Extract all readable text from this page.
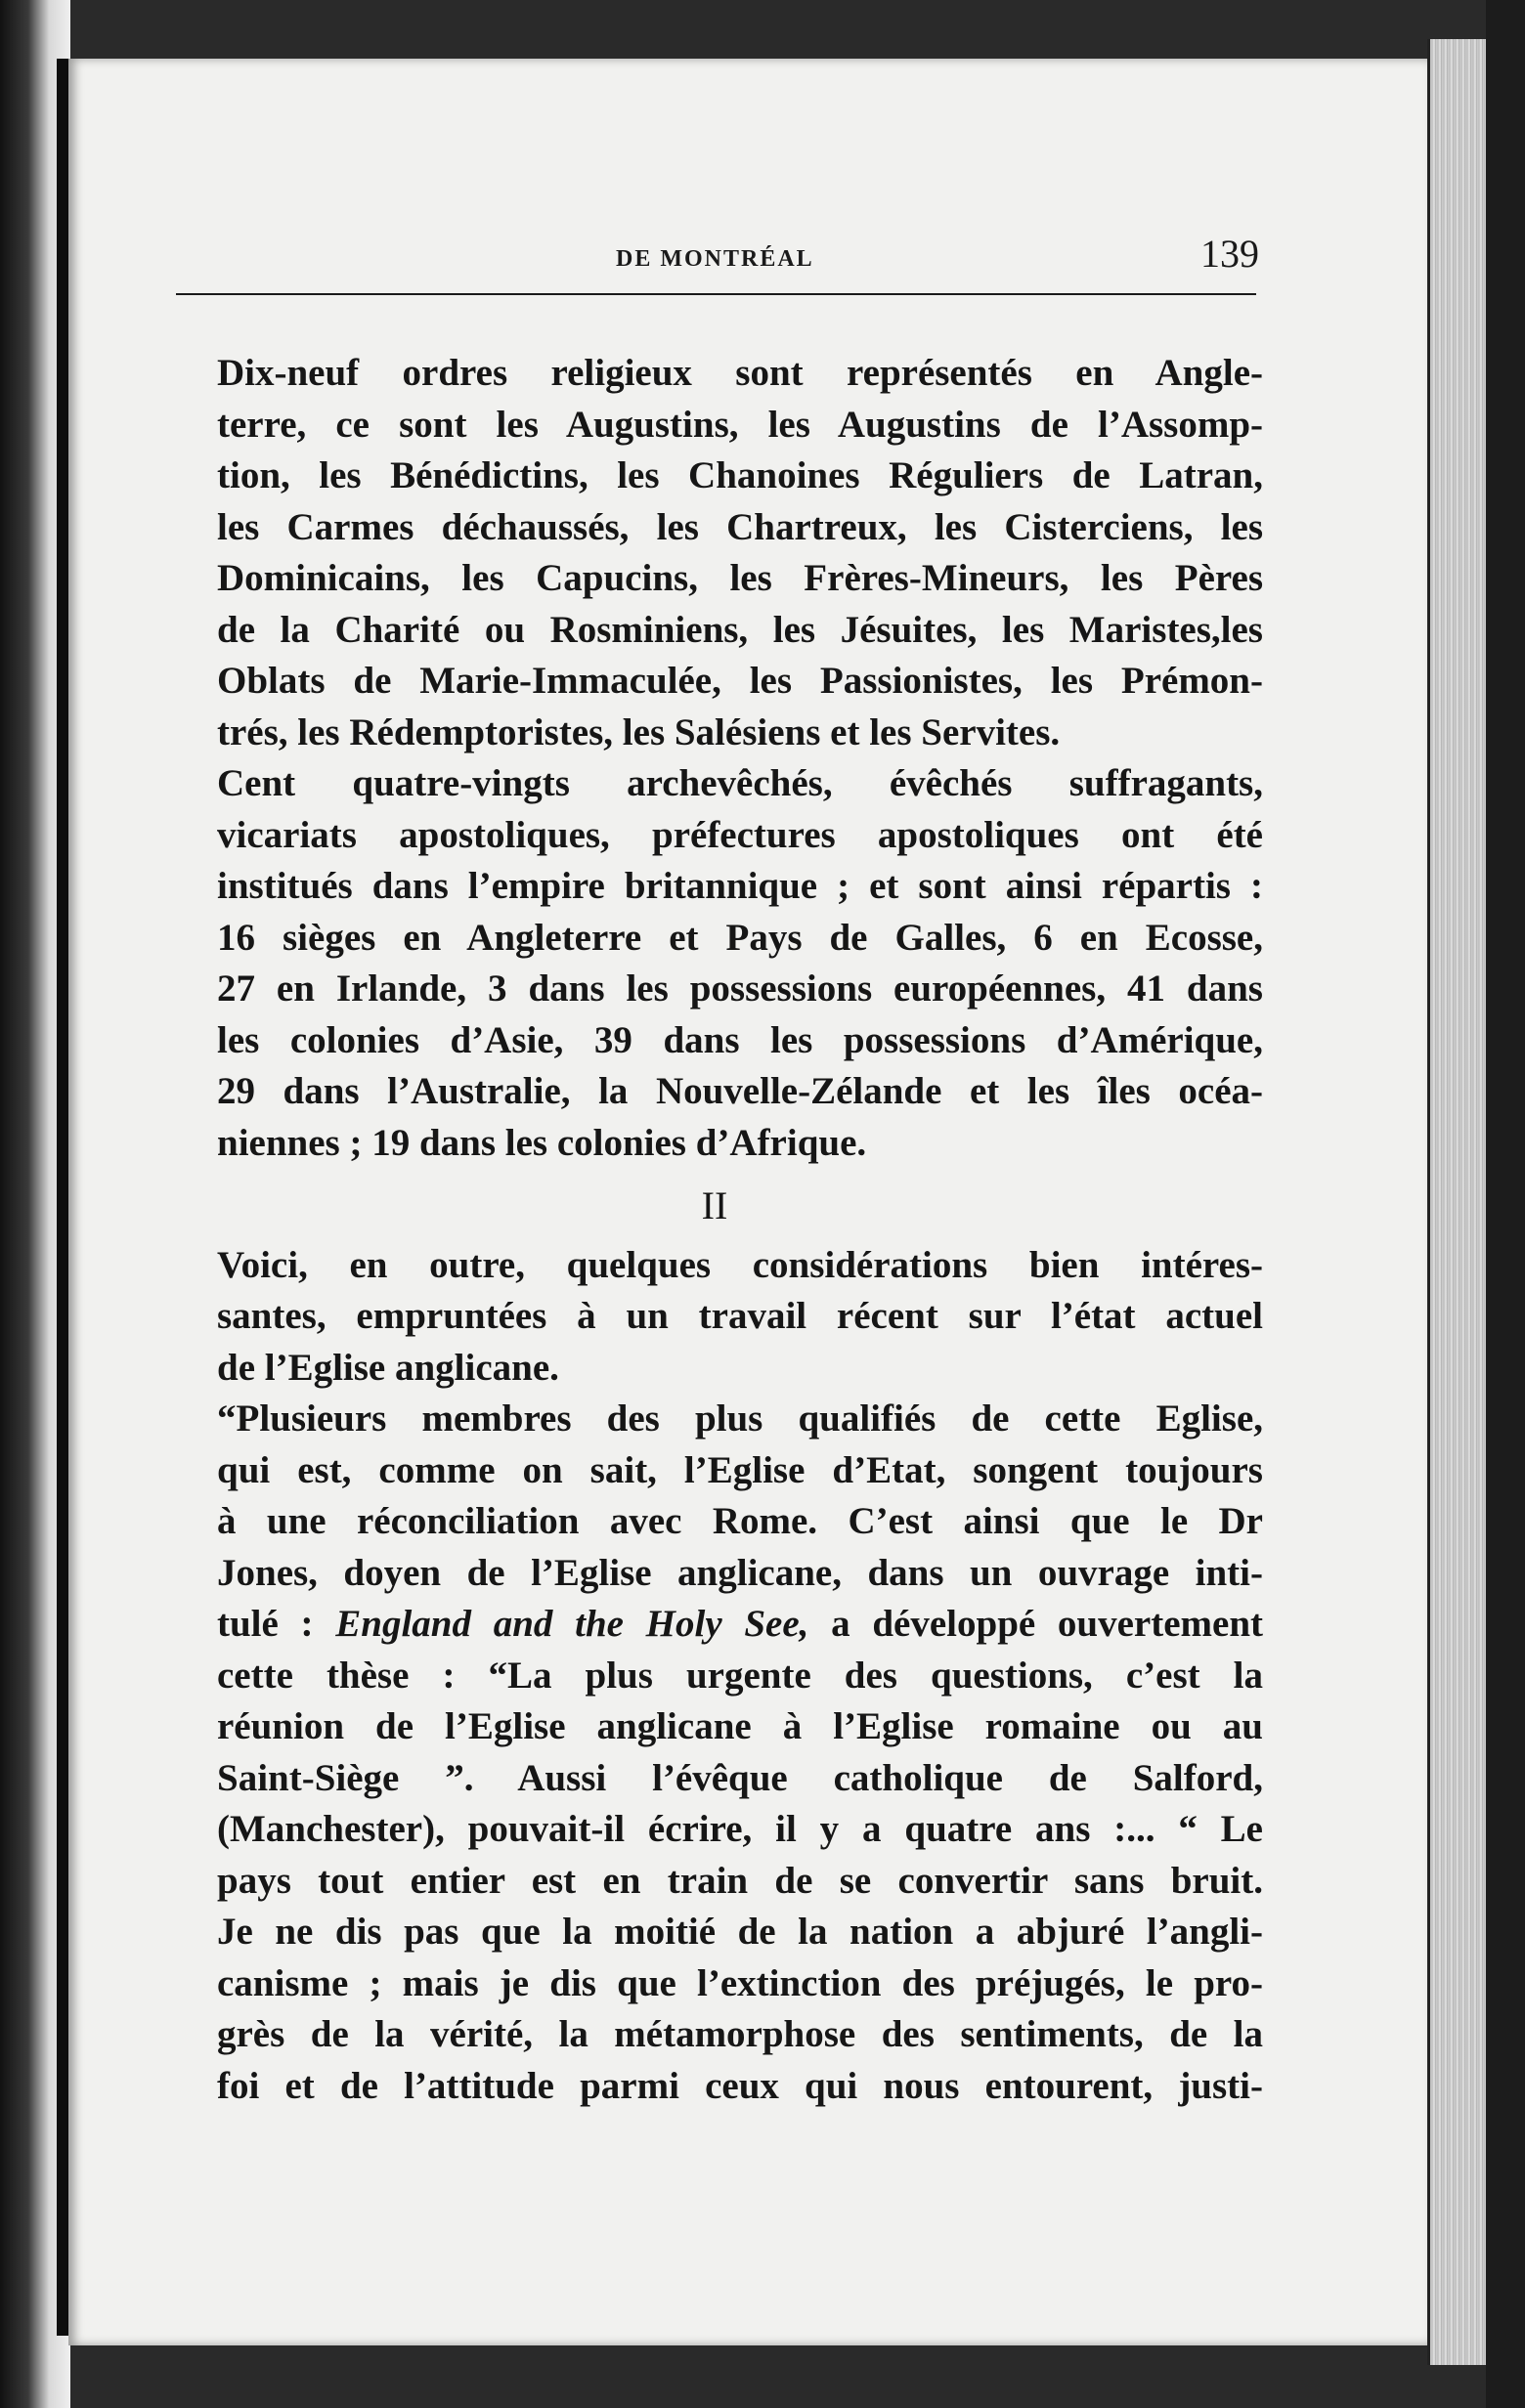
DE MONTRÉAL	139

Dix-neuf ordres religieux sont représentés en Angle-
terre, ce sont les Augustins, les Augustins de l’Assomp-
tion, les Bénédictins, les Chanoines Réguliers de Latran,
les Carmes déchaussés, les Chartreux, les Cisterciens, les
Dominicains, les Capucins, les Frères-Mineurs, les Pères
de la Charité ou Rosminiens, les Jésuites, les Maristes,les
Oblats de Marie-Immaculée, les Passionistes, les Prémon-
trés, les Rédemptoristes, les Salésiens et les Servites.

Cent quatre-vingts archevêchés, évêchés suffragants,
vicariats apostoliques, préfectures apostoliques ont été
institués dans l’empire britannique ; et sont ainsi répartis :
16 sièges en Angleterre et Pays de Galles, 6 en Ecosse,
27 en Irlande, 3 dans les possessions européennes, 41 dans
les colonies d’Asie, 39 dans les possessions d’Amérique,
29 dans l’Australie, la Nouvelle-Zélande et les îles océa-
niennes ; 19 dans les colonies d’Afrique.

II

Voici, en outre, quelques considérations bien intéres-
santes, empruntées à un travail récent sur l’état actuel
de l’Eglise anglicane.

“Plusieurs membres des plus qualifiés de cette Eglise,
qui est, comme on sait, l’Eglise d’Etat, songent toujours
à une réconciliation avec Rome. C’est ainsi que le Dr
Jones, doyen de l’Eglise anglicane, dans un ouvrage inti-
tulé : England and the Holy See, a développé ouvertement
cette thèse : “La plus urgente des questions, c’est la
réunion de l’Eglise anglicane à l’Eglise romaine ou au
Saint-Siège ”. Aussi l’évêque catholique de Salford,
(Manchester), pouvait-il écrire, il y a quatre ans :... “ Le
pays tout entier est en train de se convertir sans bruit.
Je ne dis pas que la moitié de la nation a abjuré l’angli-
canisme ; mais je dis que l’extinction des préjugés, le pro-
grès de la vérité, la métamorphose des sentiments, de la
foi et de l’attitude parmi ceux qui nous entourent, justi-
